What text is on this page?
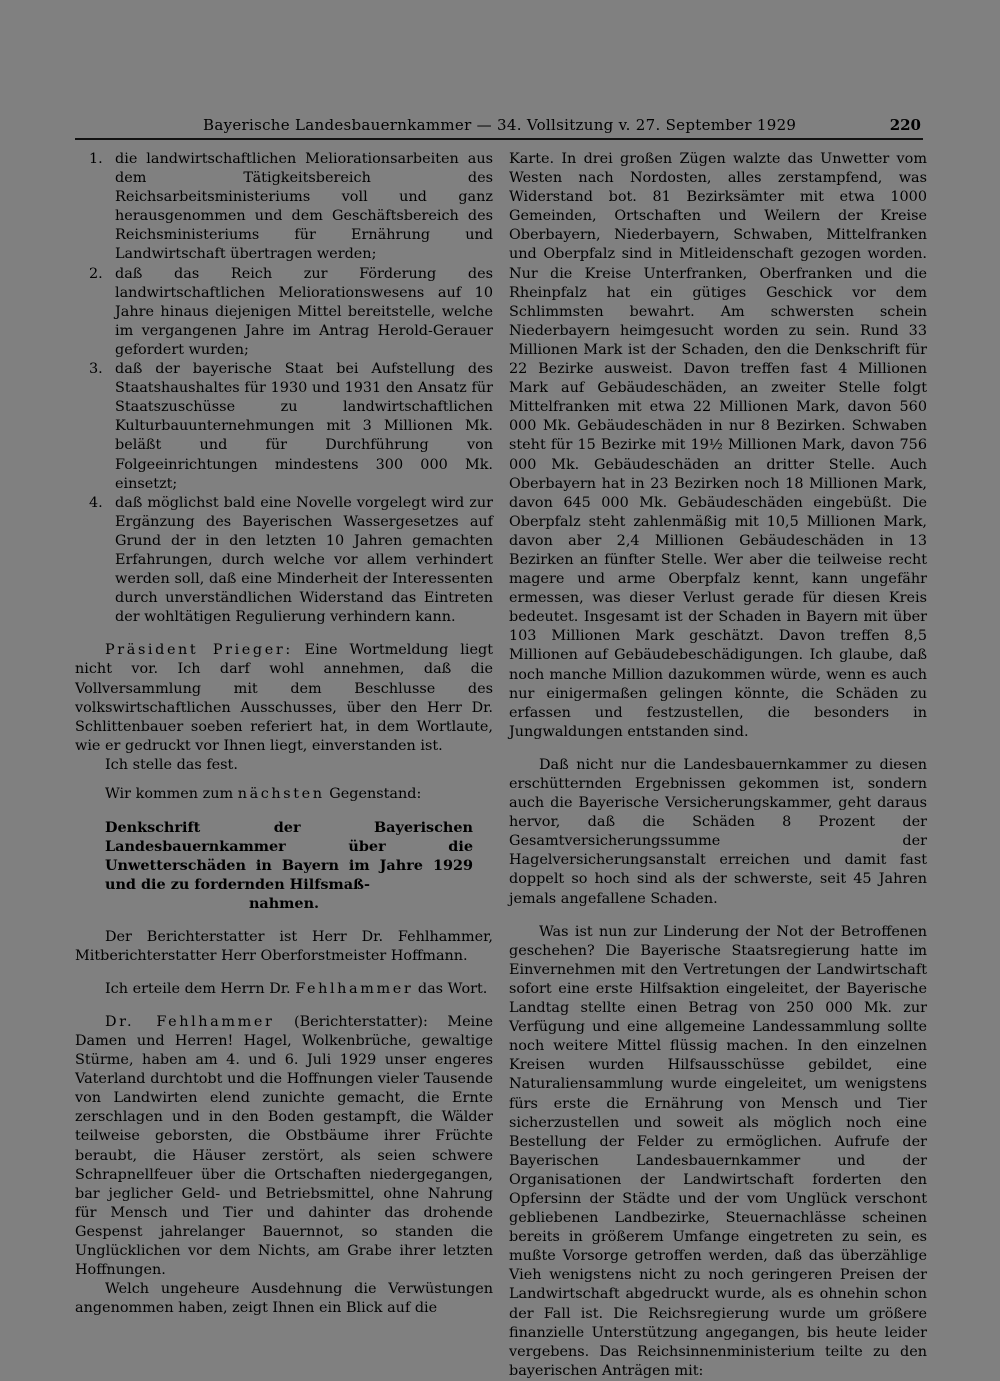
Bayerische Landesbauernkammer — 34. Vollsitzung v. 27. September 1929	220
1. die landwirtschaftlichen Meliorationsarbeiten aus dem Tätigkeitsbereich des Reichsarbeitsministeriums voll und ganz herausgenommen und dem Geschäftsbereich des Reichsministeriums für Ernährung und Landwirtschaft übertragen werden;
2. daß das Reich zur Förderung des landwirtschaftlichen Meliorationswesens auf 10 Jahre hinaus diejenigen Mittel bereitstelle, welche im vergangenen Jahre im Antrag Herold-Gerauer gefordert wurden;
3. daß der bayerische Staat bei Aufstellung des Staatshaushaltes für 1930 und 1931 den Ansatz für Staatszuschüsse zu landwirtschaftlichen Kulturbauunternehmungen mit 3 Millionen Mk. beläßt und für Durchführung von Folgeeinrichtungen mindestens 300 000 Mk. einsetzt;
4. daß möglichst bald eine Novelle vorgelegt wird zur Ergänzung des Bayerischen Wassergesetzes auf Grund der in den letzten 10 Jahren gemachten Erfahrungen, durch welche vor allem verhindert werden soll, daß eine Minderheit der Interessenten durch unverständlichen Widerstand das Eintreten der wohltätigen Regulierung verhindern kann.

Präsident Prieger: Eine Wortmeldung liegt nicht vor. Ich darf wohl annehmen, daß die Vollversammlung mit dem Beschlusse des volkswirtschaftlichen Ausschusses, über den Herr Dr. Schlittenbauer soeben referiert hat, in dem Wortlaute, wie er gedruckt vor Ihnen liegt, einverstanden ist.

Ich stelle das fest.

Wir kommen zum nächsten Gegenstand:

Denkschrift der Bayerischen Landesbauernkammer über die Unwetterschäden in Bayern im Jahre 1929 und die zu fordernden Hilfsmaß-

nahmen.

Der Berichterstatter ist Herr Dr. Fehlhammer, Mitberichterstatter Herr Oberforstmeister Hoffmann.

Ich erteile dem Herrn Dr. Fehlhammer das Wort.

Dr. Fehlhammer (Berichterstatter): Meine Damen und Herren! Hagel, Wolkenbrüche, gewaltige Stürme, haben am 4. und 6. Juli 1929 unser engeres Vaterland durchtobt und die Hoffnungen vieler Tausende von Landwirten elend zunichte gemacht, die Ernte zerschlagen und in den Boden gestampft, die Wälder teilweise geborsten, die Obstbäume ihrer Früchte beraubt, die Häuser zerstört, als seien schwere Schrapnellfeuer über die Ortschaften niedergegangen, bar jeglicher Geld- und Betriebsmittel, ohne Nahrung für Mensch und Tier und dahinter das drohende Gespenst jahrelanger Bauernnot, so standen die Unglücklichen vor dem Nichts, am Grabe ihrer letzten Hoffnungen.

Welch ungeheure Ausdehnung die Verwüstungen angenommen haben, zeigt Ihnen ein Blick auf die

Karte. In drei großen Zügen walzte das Unwetter vom Westen nach Nordosten, alles zerstampfend, was Widerstand bot. 81 Bezirksämter mit etwa 1000 Gemeinden, Ortschaften und Weilern der Kreise Oberbayern, Niederbayern, Schwaben, Mittelfranken und Oberpfalz sind in Mitleidenschaft gezogen worden. Nur die Kreise Unterfranken, Oberfranken und die Rheinpfalz hat ein gütiges Geschick vor dem Schlimmsten bewahrt. Am schwersten schein Niederbayern heimgesucht worden zu sein. Rund 33 Millionen Mark ist der Schaden, den die Denkschrift für 22 Bezirke ausweist. Davon treffen fast 4 Millionen Mark auf Gebäudeschäden, an zweiter Stelle folgt Mittelfranken mit etwa 22 Millionen Mark, davon 560 000 Mk. Gebäudeschäden in nur 8 Bezirken. Schwaben steht für 15 Bezirke mit 19½ Millionen Mark, davon 756 000 Mk. Gebäudeschäden an dritter Stelle. Auch Oberbayern hat in 23 Bezirken noch 18 Millionen Mark, davon 645 000 Mk. Gebäudeschäden eingebüßt. Die Oberpfalz steht zahlenmäßig mit 10,5 Millionen Mark, davon aber 2,4 Millionen Gebäudeschäden in 13 Bezirken an fünfter Stelle. Wer aber die teilweise recht magere und arme Oberpfalz kennt, kann ungefähr ermessen, was dieser Verlust gerade für diesen Kreis bedeutet. Insgesamt ist der Schaden in Bayern mit über 103 Millionen Mark geschätzt. Davon treffen 8,5 Millionen auf Gebäudebeschädigungen. Ich glaube, daß noch manche Million dazukommen würde, wenn es auch nur einigermaßen gelingen könnte, die Schäden zu erfassen und festzustellen, die besonders in Jungwaldungen entstanden sind.

Daß nicht nur die Landesbauernkammer zu diesen erschütternden Ergebnissen gekommen ist, sondern auch die Bayerische Versicherungskammer, geht daraus hervor, daß die Schäden 8 Prozent der Gesamtversicherungssumme der Hagelversicherungsanstalt erreichen und damit fast doppelt so hoch sind als der schwerste, seit 45 Jahren jemals angefallene Schaden.

Was ist nun zur Linderung der Not der Betroffenen geschehen? Die Bayerische Staatsregierung hatte im Einvernehmen mit den Vertretungen der Landwirtschaft sofort eine erste Hilfsaktion eingeleitet, der Bayerische Landtag stellte einen Betrag von 250 000 Mk. zur Verfügung und eine allgemeine Landessammlung sollte noch weitere Mittel flüssig machen. In den einzelnen Kreisen wurden Hilfsausschüsse gebildet, eine Naturaliensammlung wurde eingeleitet, um wenigstens fürs erste die Ernährung von Mensch und Tier sicherzustellen und soweit als möglich noch eine Bestellung der Felder zu ermöglichen. Aufrufe der Bayerischen Landesbauernkammer und der Organisationen der Landwirtschaft forderten den Opfersinn der Städte und der vom Unglück verschont gebliebenen Landbezirke, Steuernachlässe scheinen bereits in größerem Umfange eingetreten zu sein, es mußte Vorsorge getroffen werden, daß das überzählige Vieh wenigstens nicht zu noch geringeren Preisen der Landwirtschaft abgedruckt wurde, als es ohnehin schon der Fall ist. Die Reichsregierung wurde um größere finanzielle Unterstützung angegangen, bis heute leider vergebens. Das Reichsinnenministerium teilte zu den bayerischen Anträgen mit:
